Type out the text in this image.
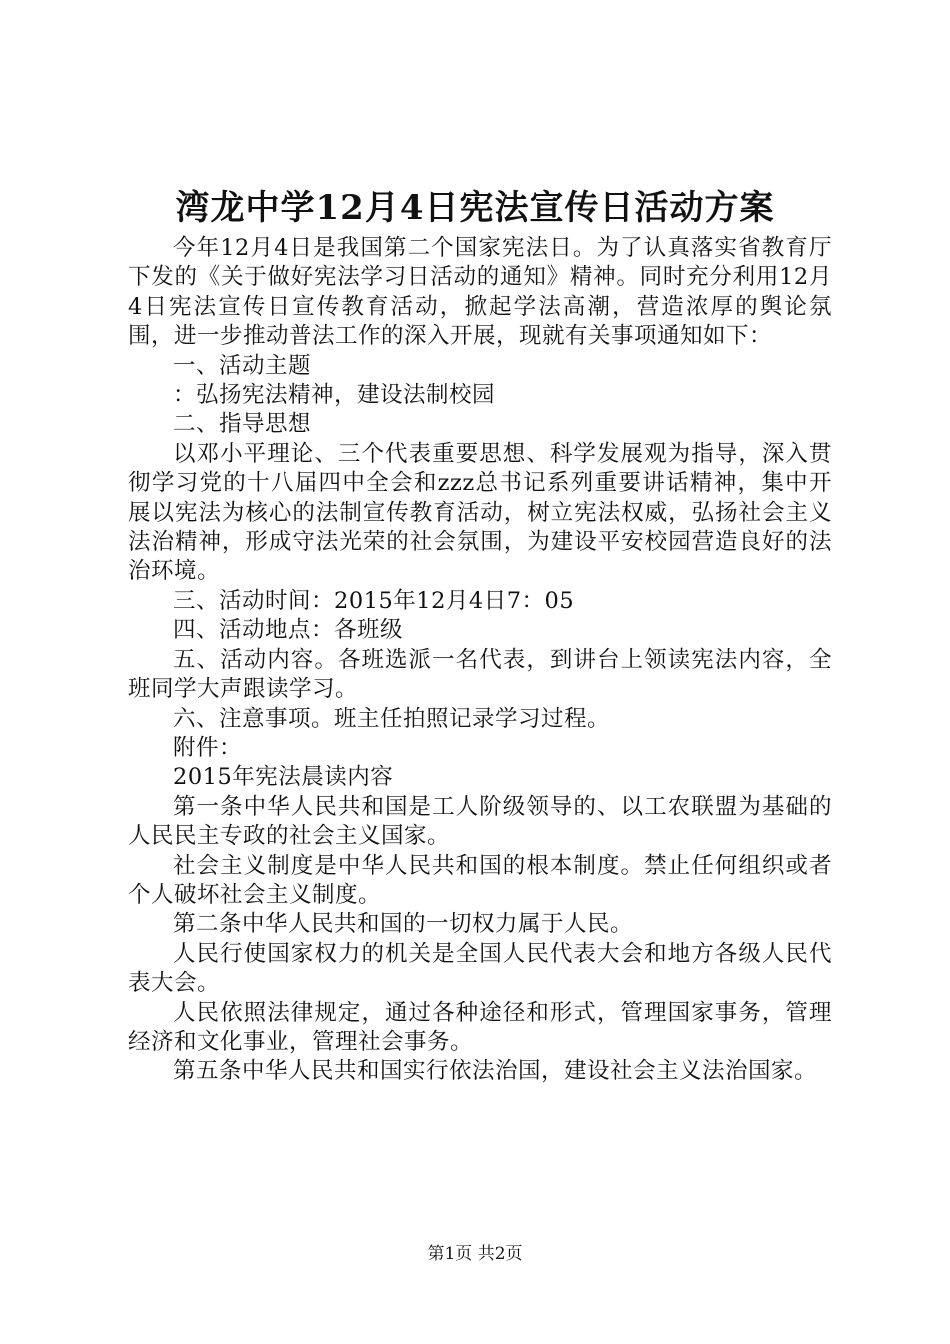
湾龙中学12月4日宪法宣传日活动方案

今年12月4日是我国第二个国家宪法日。为了认真落实省教育厅下发的《关于做好宪法学习日活动的通知》精神。同时充分利用12月4日宪法宣传日宣传教育活动，掀起学法高潮，营造浓厚的舆论氛围，进一步推动普法工作的深入开展，现就有关事项通知如下：

一、活动主题

：弘扬宪法精神，建设法制校园

二、指导思想

以邓小平理论、三个代表重要思想、科学发展观为指导，深入贯彻学习党的十八届四中全会和zzz总书记系列重要讲话精神，集中开展以宪法为核心的法制宣传教育活动，树立宪法权威，弘扬社会主义法治精神，形成守法光荣的社会氛围，为建设平安校园营造良好的法治环境。

三、活动时间：2015年12月4日7：05

四、活动地点：各班级

五、活动内容。各班选派一名代表，到讲台上领读宪法内容，全班同学大声跟读学习。

六、注意事项。班主任拍照记录学习过程。

附件：

2015年宪法晨读内容

第一条中华人民共和国是工人阶级领导的、以工农联盟为基础的人民民主专政的社会主义国家。

社会主义制度是中华人民共和国的根本制度。禁止任何组织或者个人破坏社会主义制度。

第二条中华人民共和国的一切权力属于人民。

人民行使国家权力的机关是全国人民代表大会和地方各级人民代表大会。

人民依照法律规定，通过各种途径和形式，管理国家事务，管理经济和文化事业，管理社会事务。

第五条中华人民共和国实行依法治国，建设社会主义法治国家。

第1页 共2页
